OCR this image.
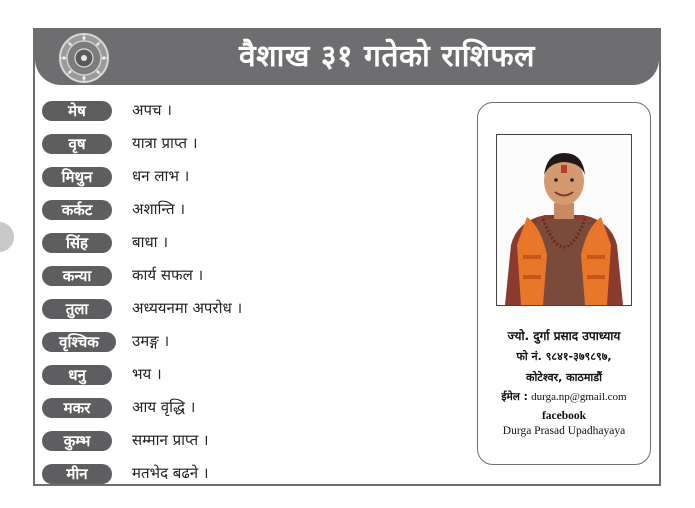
वैशाख ३१ गतेको राशिफल
मेष	अपच ।
वृष	यात्रा प्राप्त ।
मिथुन	धन लाभ ।
कर्कट	अशान्ति ।
सिंह	बाधा ।
कन्या	कार्य सफल ।
तुला	अध्ययनमा अपरोध ।
वृश्चिक	उमङ्ग ।
धनु	भय ।
मकर	आय वृद्धि ।
कुम्भ	सम्मान प्राप्त ।
मीन	मतभेद बढने ।
ज्यो. दुर्गा प्रसाद उपाध्याय
फो नं. ९८४१-३७९८९७,
कोटेश्वर, काठमाडौं
ईमेल : durga.np@gmail.com
facebook
Durga Prasad Upadhayaya
